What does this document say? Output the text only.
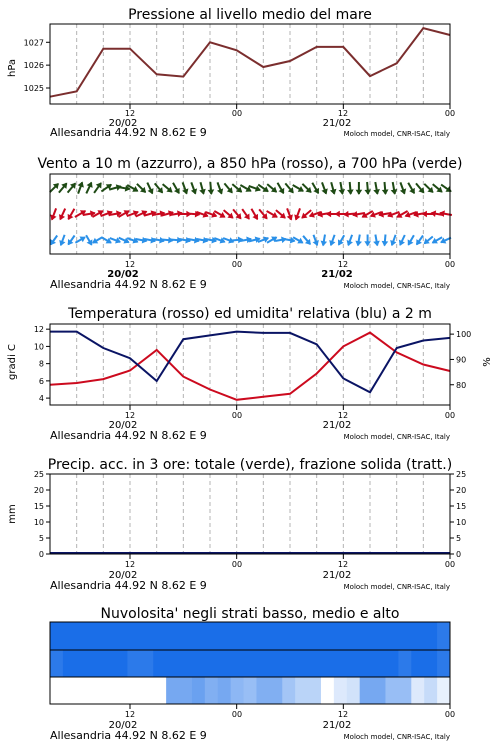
Pressione al livello medio del mare
Vento a 10 m (azzurro), a 850 hPa (rosso), a 700 hPa (verde)
Temperatura (rosso) ed umidita' relativa (blu) a 2 m
Precip. acc. in 3 ore: totale (verde), frazione solida (tratt.)
Nuvolosita' negli strati basso, medio e alto
hPa
gradi C	%
mm
Allesandria 44.92 N 8.62 E 9	Moloch model, CNR-ISAC, Italy
Allesandria 44.92 N 8.62 E 9	Moloch model, CNR-ISAC, Italy
Allesandria 44.92 N 8.62 E 9	Moloch model, CNR-ISAC, Italy
Allesandria 44.92 N 8.62 E 9	Moloch model, CNR-ISAC, Italy
Allesandria 44.92 N 8.62 E 9	Moloch model, CNR-ISAC, Italy
12	00	12	00
20/02	21/02
12	00	12	00
20/02	21/02
12	00	12	00
20/02	21/02
12	00	12	00
20/02	21/02
12	00	12	00
20/02	21/02
1025
1026
1027
4
6
8
10
12
80
90
100
0
5
10
15
20
25
0
5
10
15
20
25
